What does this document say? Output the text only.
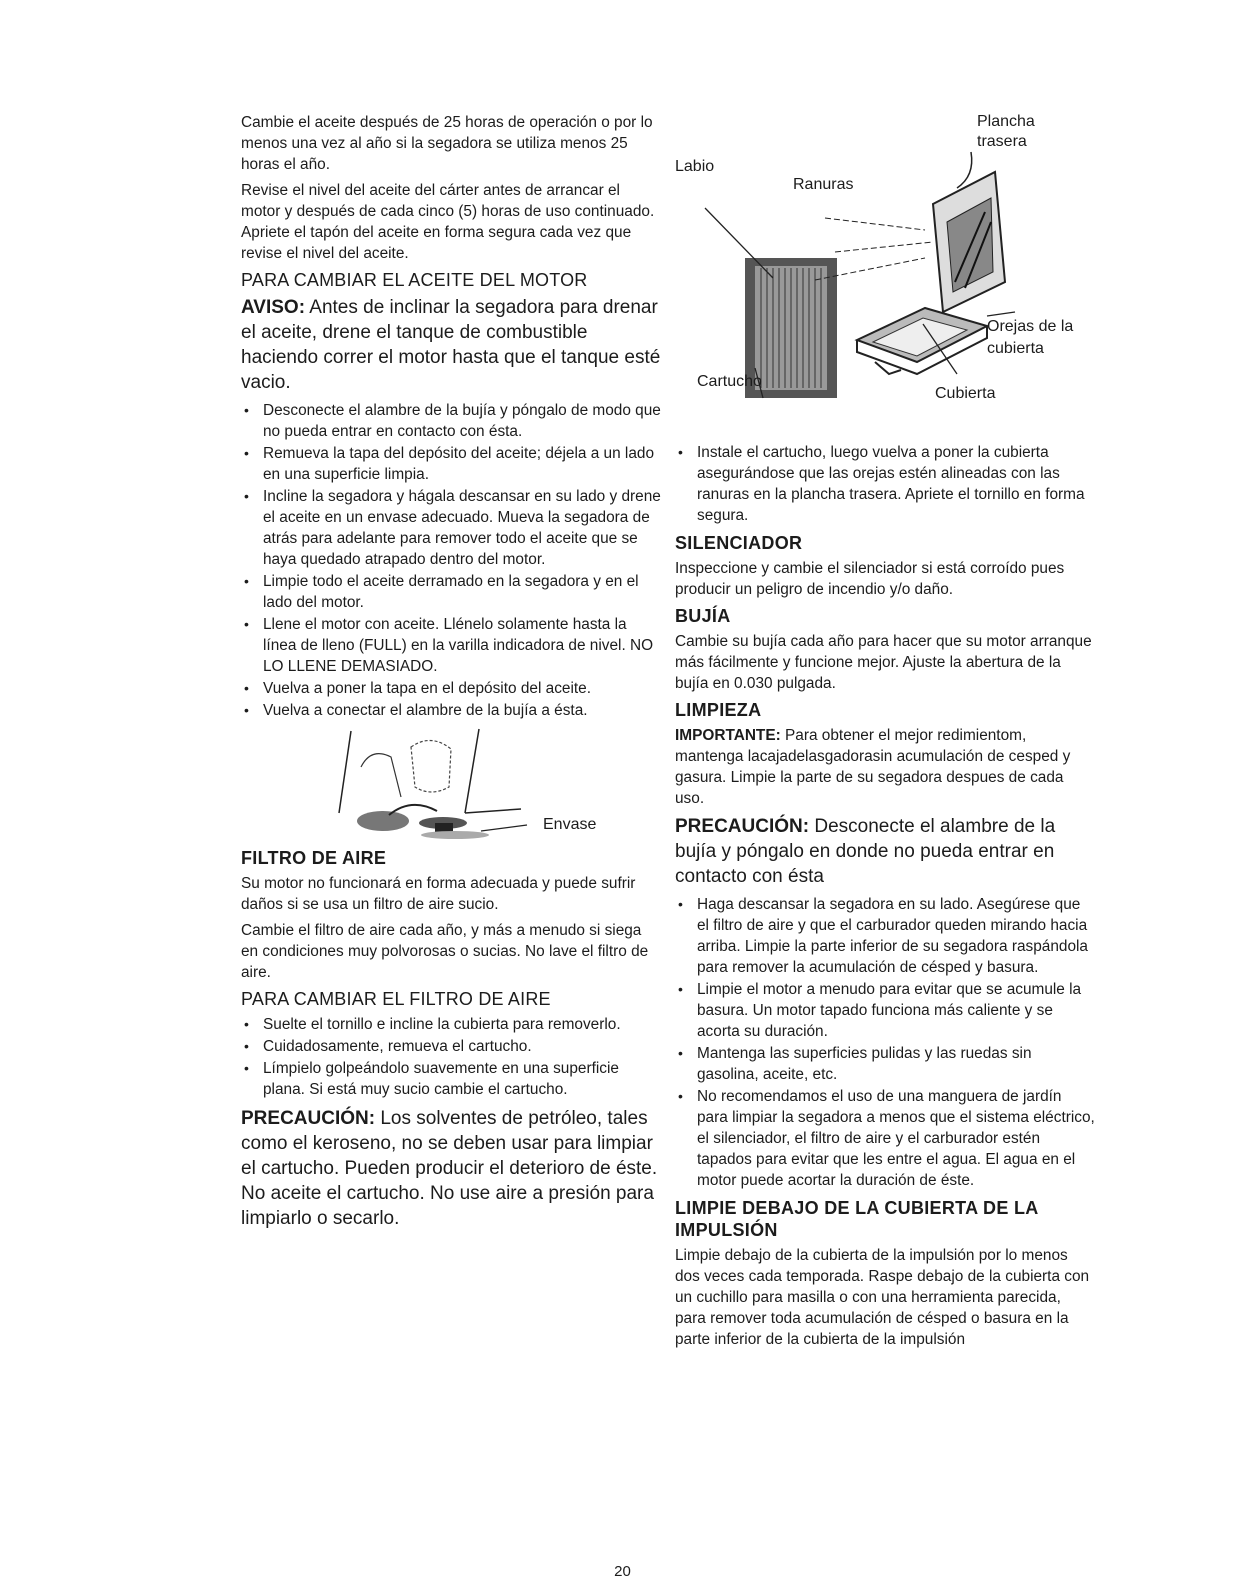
Cambie el aceite después de 25 horas de operación o por lo menos una vez al año si la segadora se utiliza menos 25 horas el año.

Revise el nivel del aceite del cárter antes de arrancar el motor y después de cada cinco (5) horas de uso continuado. Apriete el tapón del aceite en forma segura cada vez que revise el nivel del aceite.

PARA CAMBIAR EL ACEITE DEL MOTOR
AVISO: Antes de inclinar la segadora para drenar el aceite, drene el tanque de combustible haciendo correr el motor hasta que el tanque esté vacio.
• Desconecte el alambre de la bujía y póngalo de modo que no pueda entrar en contacto con ésta.
• Remueva la tapa del depósito del aceite; déjela a un lado en una superficie limpia.
• Incline la segadora y hágala descansar en su lado y drene el aceite en un envase adecuado. Mueva la segadora de atrás para adelante para remover todo el aceite que se haya quedado atrapado dentro del motor.
• Limpie todo el aceite derramado en la segadora y en el lado del motor.
• Llene el motor con aceite. Llénelo solamente hasta la línea de lleno (FULL) en la varilla indicadora de nivel. NO LO LLENE DEMASIADO.
• Vuelva a poner la tapa en el depósito del aceite.
• Vuelva a conectar el alambre de la bujía a ésta.
Envase
FILTRO DE AIRE

Su motor no funcionará en forma adecuada y puede sufrir daños si se usa un filtro de aire sucio.

Cambie el filtro de aire cada año, y más a menudo si siega en condiciones muy polvorosas o sucias. No lave el filtro de aire.

PARA CAMBIAR EL FILTRO DE AIRE
• Suelte el tornillo e incline la cubierta para removerlo.
• Cuidadosamente, remueva el cartucho.
• Límpielo golpeándolo suavemente en una superficie plana. Si está muy sucio cambie el cartucho.
PRECAUCIÓN: Los solventes de petróleo, tales como el keroseno, no se deben usar para limpiar el cartucho. Pueden producir el deterioro de éste. No aceite el cartucho. No use aire a presión para limpiarlo o secarlo.
Plancha trasera
Labio
Ranuras
Orejas de la cubierta
Cartucho
Cubierta
• Instale el cartucho, luego vuelva a poner la cubierta asegurándose que las orejas estén alineadas con las ranuras en la plancha trasera. Apriete el tornillo en forma segura.
SILENCIADOR

Inspeccione y cambie el silenciador si está corroído pues producir un peligro de incendio y/o daño.

BUJÍA

Cambie su bujía cada año para hacer que su motor arranque más fácilmente y funcione mejor. Ajuste la abertura de la bujía en 0.030 pulgada.

LIMPIEZA

IMPORTANTE: Para obtener el mejor redimientom, mantenga lacajadelasgadorasin acumulación de cesped y gasura. Limpie la parte de su segadora despues de cada uso.

PRECAUCIÓN: Desconecte el alambre de la bujía y póngalo en donde no pueda entrar en contacto con ésta
• Haga descansar la segadora en su lado. Asegúrese que el filtro de aire y que el carburador queden mirando hacia arriba. Limpie la parte inferior de su segadora raspándola para remover la acumulación de césped y basura.
• Limpie el motor a menudo para evitar que se acumule la basura. Un motor tapado funciona más caliente y se acorta su duración.
• Mantenga las superficies pulidas y las ruedas sin gasolina, aceite, etc.
• No recomendamos el uso de una manguera de jardín para limpiar la segadora a menos que el sistema eléctrico, el silenciador, el filtro de aire y el carburador estén tapados para evitar que les entre el agua. El agua en el motor puede acortar la duración de éste.
LIMPIE DEBAJO DE LA CUBIERTA DE LA IMPULSIÓN

Limpie debajo de la cubierta de la impulsión por lo menos dos veces cada temporada. Raspe debajo de la cubierta con un cuchillo para masilla o con una herramienta parecida, para remover toda acumulación de césped o basura en la parte inferior de la cubierta de la impulsión

20
